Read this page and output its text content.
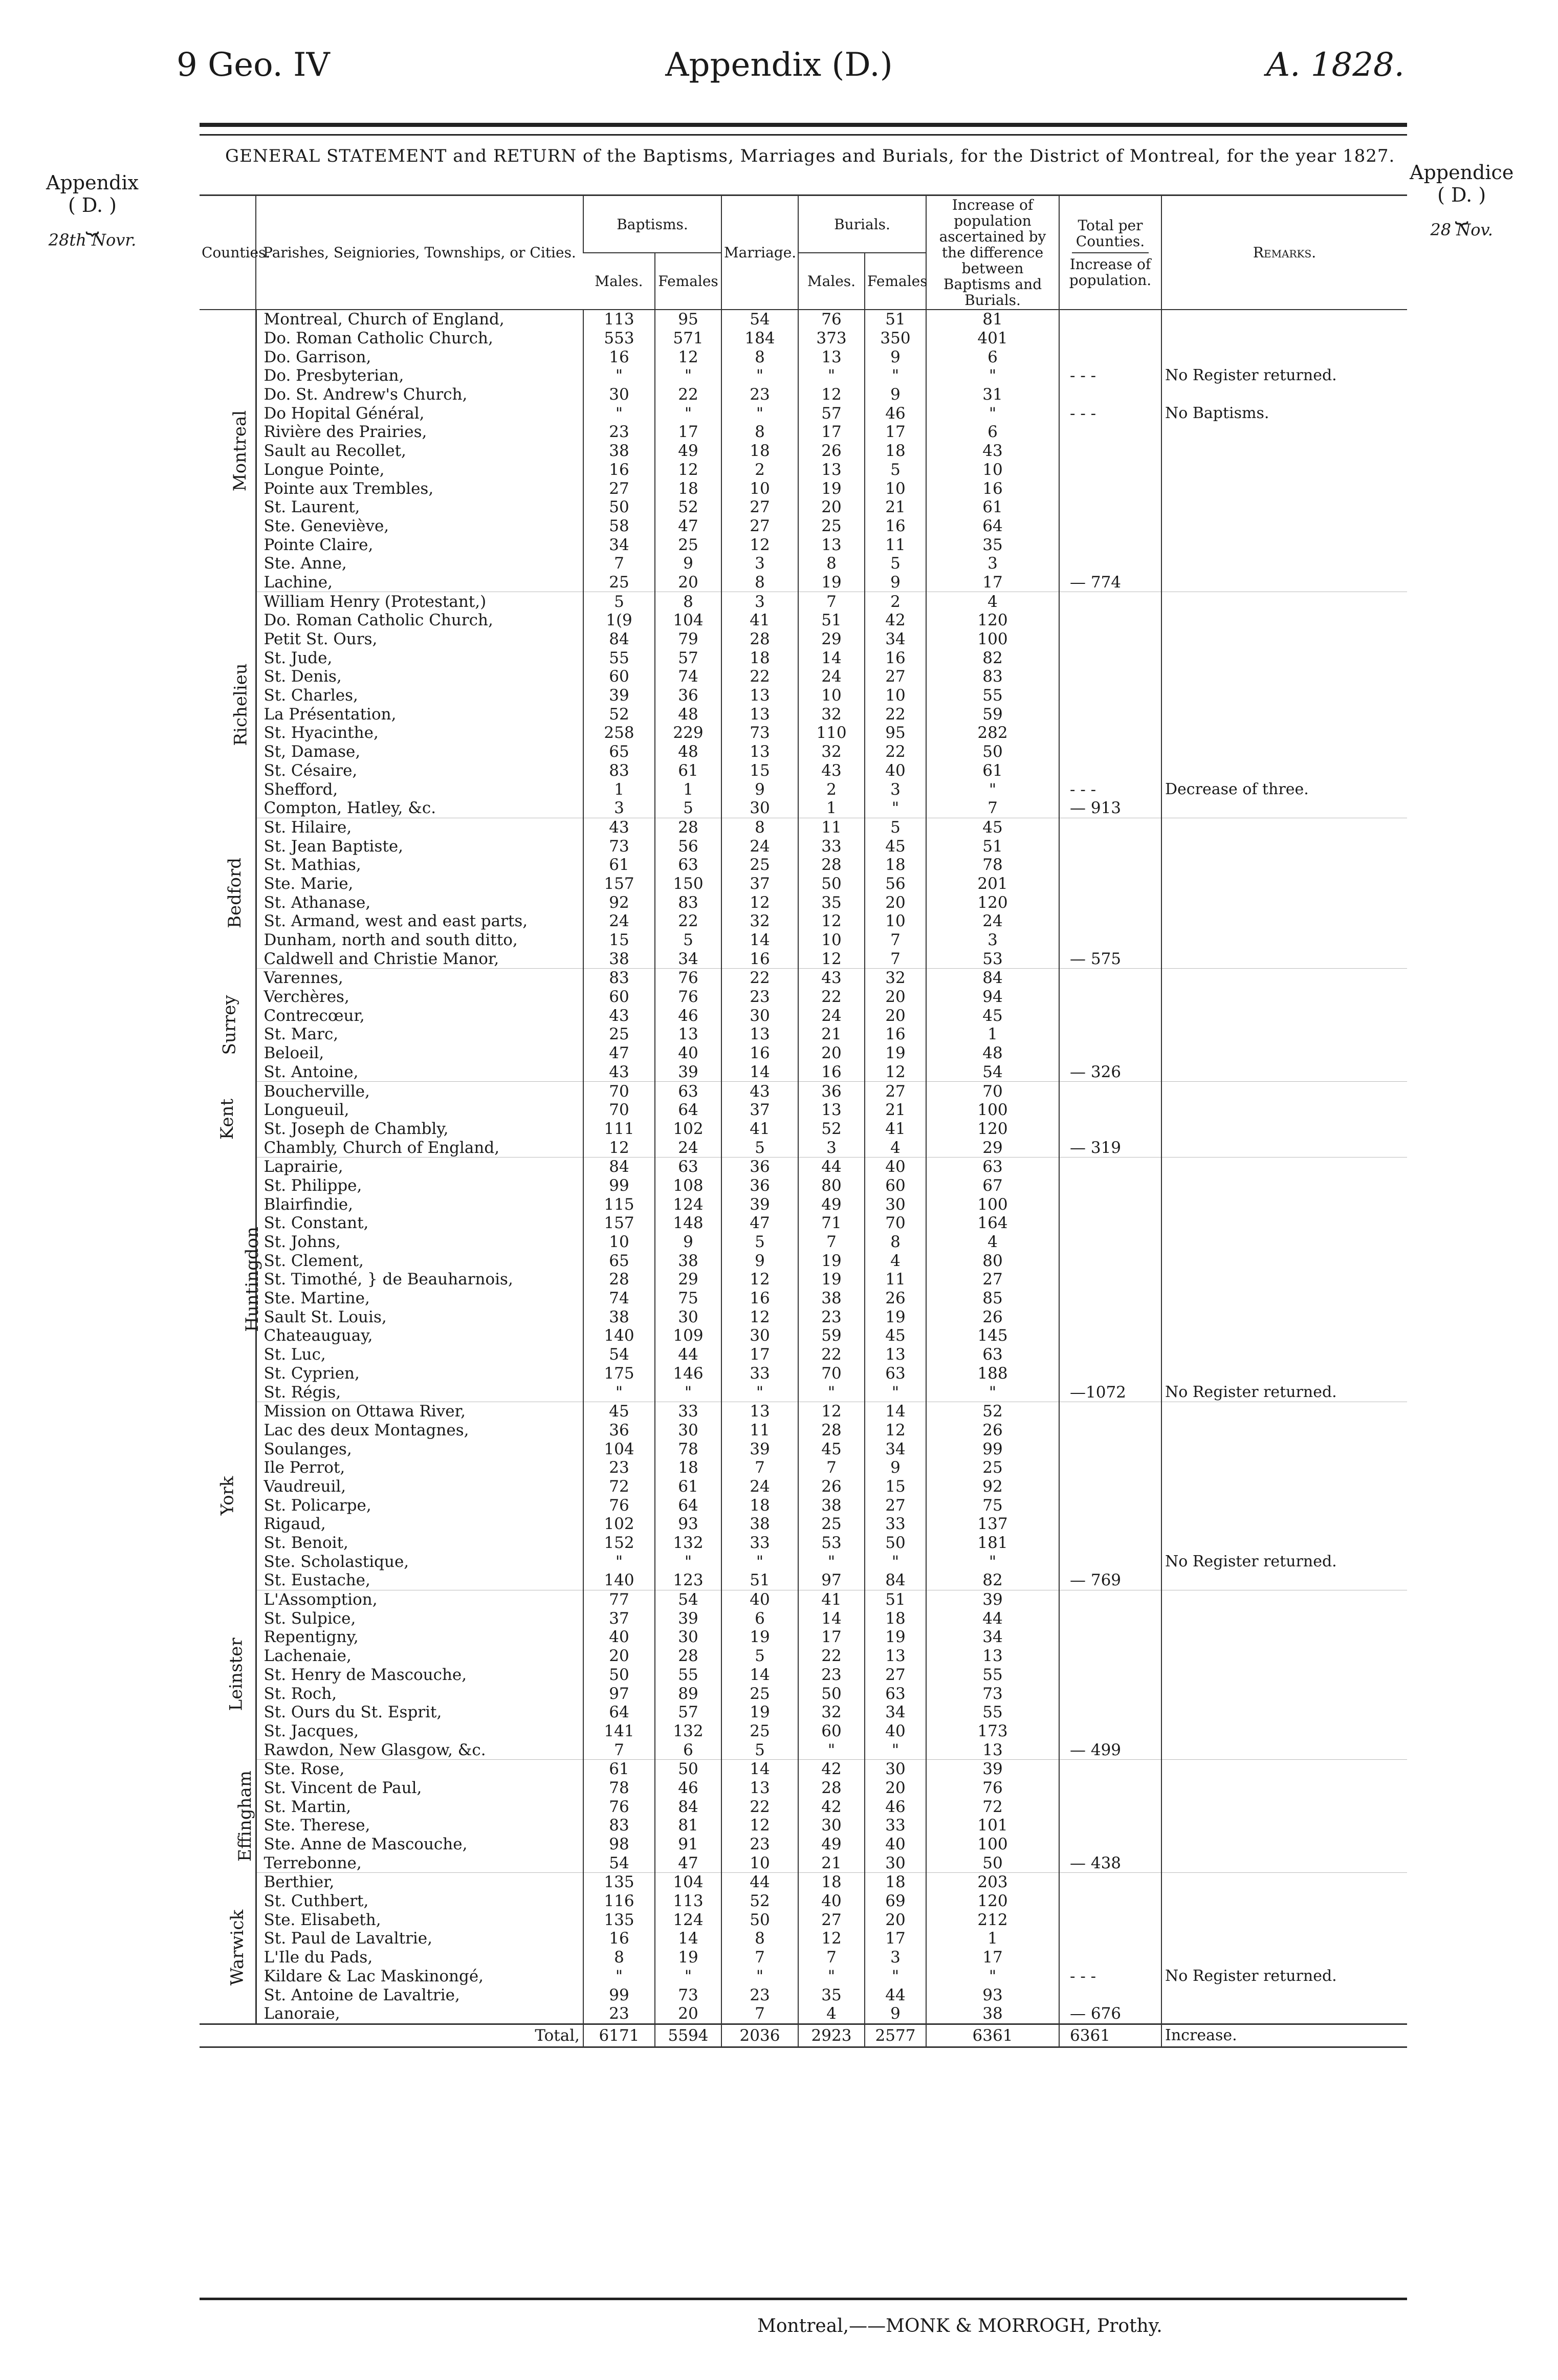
9 Geo. IV	Appendix (D.)	A. 1828.
Appendix
( D. )
⏟
28th Novr.
Appendice
( D. )
⏟
28 Nov.
GENERAL STATEMENT and RETURN of the Baptisms, Marriages and Burials, for the District of Montreal, for the year 1827.
Counties.	Parishes, Seigniories, Townships, or Cities.	Baptisms.		Marriage.	Burials.		Increase of population ascertained by the difference between Baptisms and Burials.	Total per Counties.
Increase of population.	Remarks.
		Males.	Females		Males.	Females			
Montreal	Montreal, Church of England,	113	95	54	76	51	81		
	Do. Roman Catholic Church,	553	571	184	373	350	401		
	Do. Garrison,	16	12	8	13	9	6		
	Do. Presbyterian,	"	"	"	"	"	"	- - -	No Register returned.
	Do. St. Andrew's Church,	30	22	23	12	9	31		
	Do Hopital Général,	"	"	"	57	46	"	- - -	No Baptisms.
	Rivière des Prairies,	23	17	8	17	17	6		
	Sault au Recollet,	38	49	18	26	18	43		
	Longue Pointe,	16	12	2	13	5	10		
	Pointe aux Trembles,	27	18	10	19	10	16		
	St. Laurent,	50	52	27	20	21	61		
	Ste. Geneviève,	58	47	27	25	16	64		
	Pointe Claire,	34	25	12	13	11	35		
	Ste. Anne,	7	9	3	8	5	3		
	Lachine,	25	20	8	19	9	17	— 774	
Richelieu	William Henry (Protestant,)	5	8	3	7	2	4		
	Do. Roman Catholic Church,	1(9	104	41	51	42	120		
	Petit St. Ours,	84	79	28	29	34	100		
	St. Jude,	55	57	18	14	16	82		
	St. Denis,	60	74	22	24	27	83		
	St. Charles,	39	36	13	10	10	55		
	La Présentation,	52	48	13	32	22	59		
	St. Hyacinthe,	258	229	73	110	95	282		
	St, Damase,	65	48	13	32	22	50		
	St. Césaire,	83	61	15	43	40	61		
	Shefford,	1	1	9	2	3	"	- - -	Decrease of three.
	Compton, Hatley, &c.	3	5	30	1	"	7	— 913	
Bedford	St. Hilaire,	43	28	8	11	5	45		
	St. Jean Baptiste,	73	56	24	33	45	51		
	St. Mathias,	61	63	25	28	18	78		
	Ste. Marie,	157	150	37	50	56	201		
	St. Athanase,	92	83	12	35	20	120		
	St. Armand, west and east parts,	24	22	32	12	10	24		
	Dunham, north and south ditto,	15	5	14	10	7	3		
	Caldwell and Christie Manor,	38	34	16	12	7	53	— 575	
Surrey	Varennes,	83	76	22	43	32	84		
	Verchères,	60	76	23	22	20	94		
	Contrecœur,	43	46	30	24	20	45		
	St. Marc,	25	13	13	21	16	1		
	Beloeil,	47	40	16	20	19	48		
	St. Antoine,	43	39	14	16	12	54	— 326	
Kent	Boucherville,	70	63	43	36	27	70		
	Longueuil,	70	64	37	13	21	100		
	St. Joseph de Chambly,	111	102	41	52	41	120		
	Chambly, Church of England,	12	24	5	3	4	29	— 319	
Huntingdon	Laprairie,	84	63	36	44	40	63		
	St. Philippe,	99	108	36	80	60	67		
	Blairfindie,	115	124	39	49	30	100		
	St. Constant,	157	148	47	71	70	164		
	St. Johns,	10	9	5	7	8	4		
	St. Clement,	65	38	9	19	4	80		
	St. Timothé, } de Beauharnois,	28	29	12	19	11	27		
	Ste. Martine,	74	75	16	38	26	85		
	Sault St. Louis,	38	30	12	23	19	26		
	Chateauguay,	140	109	30	59	45	145		
	St. Luc,	54	44	17	22	13	63		
	St. Cyprien,	175	146	33	70	63	188		
	St. Régis,	"	"	"	"	"	"	—1072	No Register returned.
York	Mission on Ottawa River,	45	33	13	12	14	52		
	Lac des deux Montagnes,	36	30	11	28	12	26		
	Soulanges,	104	78	39	45	34	99		
	Ile Perrot,	23	18	7	7	9	25		
	Vaudreuil,	72	61	24	26	15	92		
	St. Policarpe,	76	64	18	38	27	75		
	Rigaud,	102	93	38	25	33	137		
	St. Benoit,	152	132	33	53	50	181		
	Ste. Scholastique,	"	"	"	"	"	"		No Register returned.
	St. Eustache,	140	123	51	97	84	82	— 769	
Leinster	L'Assomption,	77	54	40	41	51	39		
	St. Sulpice,	37	39	6	14	18	44		
	Repentigny,	40	30	19	17	19	34		
	Lachenaie,	20	28	5	22	13	13		
	St. Henry de Mascouche,	50	55	14	23	27	55		
	St. Roch,	97	89	25	50	63	73		
	St. Ours du St. Esprit,	64	57	19	32	34	55		
	St. Jacques,	141	132	25	60	40	173		
	Rawdon, New Glasgow, &c.	7	6	5	"	"	13	— 499	
Effingham	Ste. Rose,	61	50	14	42	30	39		
	St. Vincent de Paul,	78	46	13	28	20	76		
	St. Martin,	76	84	22	42	46	72		
	Ste. Therese,	83	81	12	30	33	101		
	Ste. Anne de Mascouche,	98	91	23	49	40	100		
	Terrebonne,	54	47	10	21	30	50	— 438	
Warwick	Berthier,	135	104	44	18	18	203		
	St. Cuthbert,	116	113	52	40	69	120		
	Ste. Elisabeth,	135	124	50	27	20	212		
	St. Paul de Lavaltrie,	16	14	8	12	17	1		
	L'Ile du Pads,	8	19	7	7	3	17		
	Kildare & Lac Maskinongé,	"	"	"	"	"	"	- - -	No Register returned.
	St. Antoine de Lavaltrie,	99	73	23	35	44	93		
	Lanoraie,	23	20	7	4	9	38	— 676	
Total,		6171	5594	2036	2923	2577	6361	6361	Increase.
Montreal,——MONK & MORROGH, Prothy.
